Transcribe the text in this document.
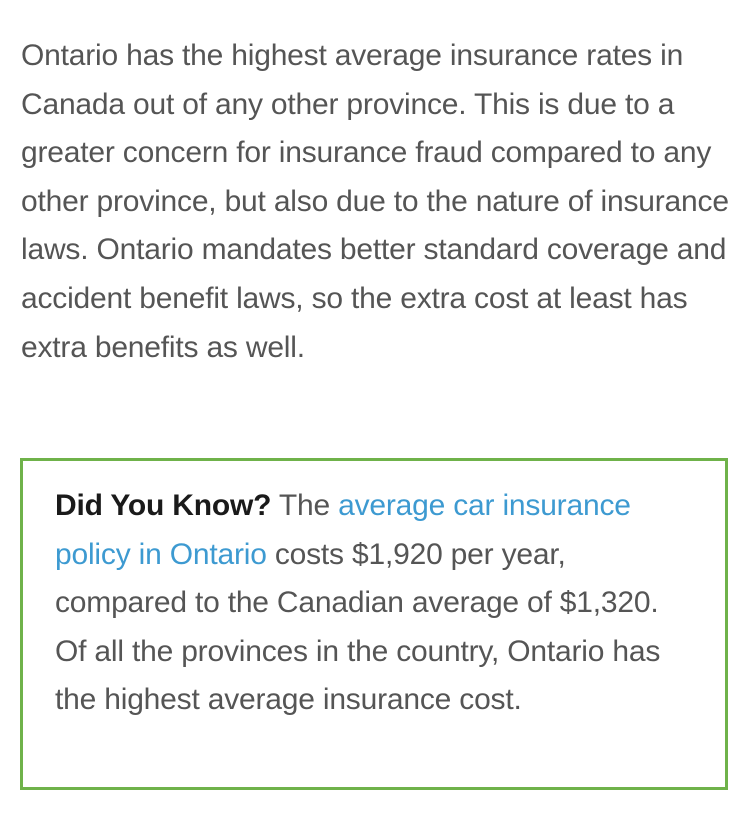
Ontario has the highest average insurance rates in Canada out of any other province. This is due to a greater concern for insurance fraud compared to any other province, but also due to the nature of insurance laws. Ontario mandates better standard coverage and accident benefit laws, so the extra cost at least has extra benefits as well.

Did You Know? The average car insurance policy in Ontario costs $1,920 per year, compared to the Canadian average of $1,320. Of all the provinces in the country, Ontario has the highest average insurance cost.
